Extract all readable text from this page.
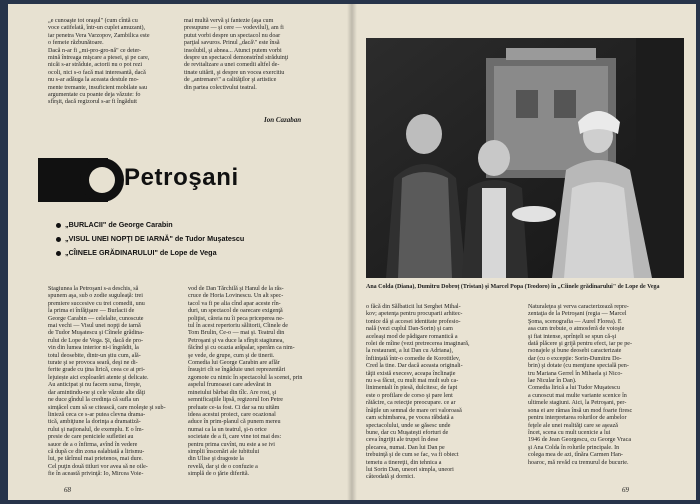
„e cunoaşte tot oraşul" (cum cîntă cu
voce catifelată, într-un cuplet amuzant),
iar penetra Vera Varzopov, Zambilica este
o femeie răzbunătoare.
Dacă n-ar fi ,,mi-pro-gro-nă" ce deter-
mină întreaga mişcare a piesei, şi pe care,
nicăi s-ar străduie, actorii nu o pot rezi
ocoli, nici s-o facă mai interesantă, dacă
nu s-ar adăuga la aceasta destule mo-
mente tremante, insuficient mobilate sau
argumentate cu poante deja văzute: fo
sfîrşit, dacă regizorul s-ar fi îngăduit

mai multă vervă şi fantezie (aşa cum
presupune — şi cere — vodevilul), am fi
putut vorbi despre un spectacol nu doar
parţial savuros. Prinul „dacă\" este însă
insolubil, şi abnea... Atunci putem vorbi
despre un spectacol demonstrînd străduinţi
de revitalizare a unei comedii altfel de-
tinate uitării, şi despre un vocea exercitiu
de „antrenare\" a calităţilor şi artistice
din partea colectivului teatral.

Ion Cazaban
Petroşani
„BURLACII" de George Carabin
„VISUL UNEI NOPŢI DE IARNĂ" de Tudor Muşatescu
„CÎINELE GRĂDINARULUI" de Lope de Vega

Stagiunea la Petroşani s-a deschis, să
spunem aşa, sub o zodie suguleaţă: trei
premiere succesive cu trei comedii, unu
la prima ei înfăţişare — Burlacii de
George Carabin — celelalte, cunoscute
mai vechi — Visul unei nopţi de iarnă
de Tudor Muşatescu şi Cîinele grădina-
rului de Lope de Vega. Şi, dacă de pro-
vin din lumea interior ni-i îngrădit, la
totul deosebite, dintr-un ştiu cum, ală-
turate şi se provoca seară, deşi ne di-
ferite grade cu ţina lirică, ceea ce ai pri-
lejuiește aici exploarări atente şi delicate.
Au anticipat şi nu facem sursa, fireşte,
dar amintindu-ne şi cele văzute alte dăţi
ne duce gîndul la credinţa că sufla un
simţăcel cum să se citească, care moleşte şi sub-
linieză ceca ce s-ar putea clevna drama-
tică, ambiţiune la dorinţa a dramatiză-
rului şi naţionalul, de exemplu. E o îm-
presie de care peniciele sufletiei au
sauor de a o înfirma, avînd în vedere
că după ce din zona ealabiată a lirismu-
lui, pe tărîmul mai prietenos, mai dure.
Cel puţin două titluri vor avea să ne oile-
fie în această privinţă: Io, Mircea Voie-

vod de Dan Tărchilă şi Hanul de la răs-
cruce de Horia Lovinescu. Un alt spec-
tacol va fi pe alia cînd apar aceste rîn-
duri, un spectacol de oarecare exigenţă
poliţist, căreia nu îi peca priceperea ne-
tul în acest repertoriu sălitorii, Cîinele de
Tom Brulin, Ce-o — mai şi. Teatrul din
Petroşani şi va duce la sfîrşit stagiunea,
făcînd şi cu ocazia arăpalar, sperăm ca nim-
şe vede, de grupe, cum şi de tinerii.
Comedia lui George Carabin are aflăr
însuşiri cît se îngăduie unei reprezentări
zgomote cu nimic în spectacolul la scenei, prin
aspelul frumoasei care adevărat in
mineiului bărbat din tîlc. Are rost, şi
semnificaţiile lipsă, regizorul Ion Petre
preluate ce-ia fost. Ci dar sa nu uităm
ideea acestui proiect, care ocazional
aduce în prim-planul că punem mereu
numai ca la un teatrul, şi-n orice
societate de a fi, care vine tot mai des:
pentru prima cuvînt, nu este a se ivi
simplii înscenări ale iubitului
din Ulise şi dragoste la
revelă, dar şi de o confuzie a
simplă de o ţărie diferită.

68

Ana Colda (Diana), Dumitru Dobroţ (Tristan) şi Marcel Popa (Teodoro) în „Cîinele grădinarului" de Lope de Vega

o făcă din Sălbaticii lui Serghei Mihal-
kov; apetenţa pentru procuparii arhitec-
tonice dă şi accesei identitate profesio-
nală (vezi cuplul Dan-Sorin) şi cam
aceleaşi mod de pădigare romantică a
rolei de mîine (vezi pretrecerea imaginară,
la restaurant, a lui Dan cu Adriana),
înfiinţată într-o comedie de Korotitlev,
Cred la tine. Dar dacă aceasta originali-
tăţii există execesv, aceapa înclinaţie
nu s-a făcut, cu mult mai mult sub ca-
linimentali în piesă, dulcitesc, de fapt
este o profilare de corso şi pare lent
rătăcire, ca reiecţie preocupare. ce ar
înăţile un semnal de mare ori valoroasă
cam schimbarea, pe vocea răbdată a
spectacolului, unde se găsesc unde
bune, dar cu Muşateşti eforturi de
ceva îngrijit ale trupei în dese
plecarea, numai. Dan lui Dan pe
trebuinţă şi de cum se fac, va fi obiect
temeiu a tinereţii, din tehnica a
lui Sorin Dan, uneori simpla, uneori
câteodată şi dornici.

Naturaleţea şi verva caracterizează repre-
zentaţia de la Petroşani (regia — Marcel
Şoma, scenografia — Aurel Florea). E
asa cum trebuie, o atmosferă de voioşie
şi fiat intense, sprînţeli se spun că-şi
dată plăcere şi grijă pentru efect, iar pe pe-
rsonajele şi bune deosebi caracterizate
dar (cu o excepţie: Sorin-Dumitru Do-
brin) şi dotate (cu menţiune specială pen-
tru Mariana Gerrel în Mihaela şi Nico-
lae Nicular în Dan).
Comedia lirică a lui Tudor Muşatescu
a cunoscut mai multe variante scenice în
ultimele stagiuni. Aici, la Petroşani, per-
sona ei are rămas însă un mod foarte firesc
pentru interpretarea rolurilor de ambelor
feţele ale unei realităţi care se aşează
încet, scena cu mult ucenicie a lui
1946 de Jean Georgescu, cu George Vraca
şi Ana Colda în rolurile principale. In
colega mea de azi, tînăra Carmen Han-
hoaroc, mă revăd cu tremurul de bucurie.

69
